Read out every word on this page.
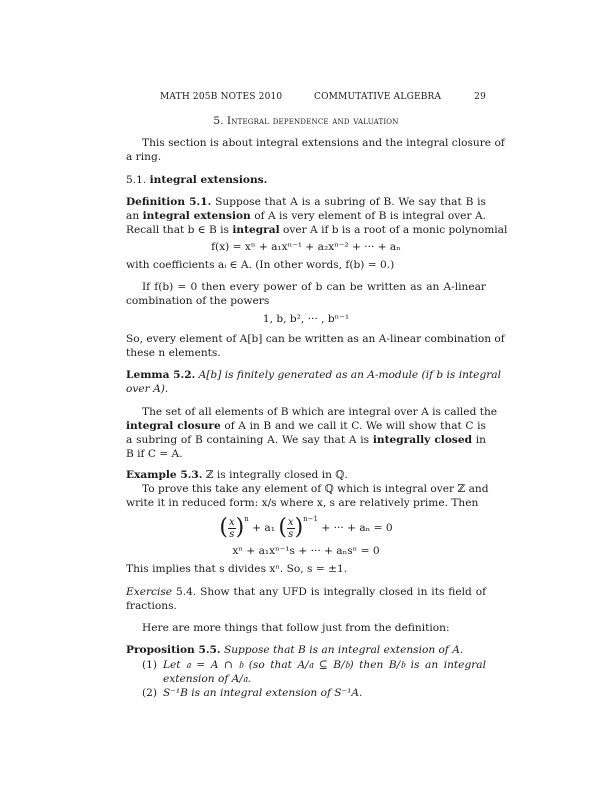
MATH 205B NOTES 2010	COMMUTATIVE ALGEBRA	29
5. Integral dependence and valuation
This section is about integral extensions and the integral closure of
a ring.
5.1. integral extensions.
Definition 5.1. Suppose that A is a subring of B. We say that B is
an integral extension of A is very element of B is integral over A.
Recall that b ∈ B is integral over A if b is a root of a monic polynomial
f(x) = xⁿ + a₁xⁿ⁻¹ + a₂xⁿ⁻² + ··· + aₙ
with coefficients aᵢ ∈ A. (In other words, f(b) = 0.)
If f(b) = 0 then every power of b can be written as an A-linear
combination of the powers
1, b, b², ··· , bⁿ⁻¹
So, every element of A[b] can be written as an A-linear combination of
these n elements.
Lemma 5.2. A[b] is finitely generated as an A-module (if b is integral
over A).
The set of all elements of B which are integral over A is called the
integral closure of A in B and we call it C. We will show that C is
a subring of B containing A. We say that A is integrally closed in
B if C = A.
Example 5.3. ℤ is integrally closed in ℚ.
To prove this take any element of ℚ which is integral over ℤ and
write it in reduced form: x/s where x, s are relatively prime. Then
( $\frac{x}{s} )^n + a_1$ ( $\frac{x}{s} )^{n-1}$ + ··· + aₙ = 0
xⁿ + a₁xⁿ⁻¹s + ··· + aₙsⁿ = 0
This implies that s divides xⁿ. So, s = ±1.
Exercise 5.4. Show that any UFD is integrally closed in its field of
fractions.
Here are more things that follow just from the definition:
Proposition 5.5. Suppose that B is an integral extension of A.
(1) Let 𝔞 = A ∩ 𝔟 (so that A/𝔞 ⊆ B/𝔟) then B/𝔟 is an integral
extension of A/𝔞.
(2) S⁻¹B is an integral extension of S⁻¹A.
